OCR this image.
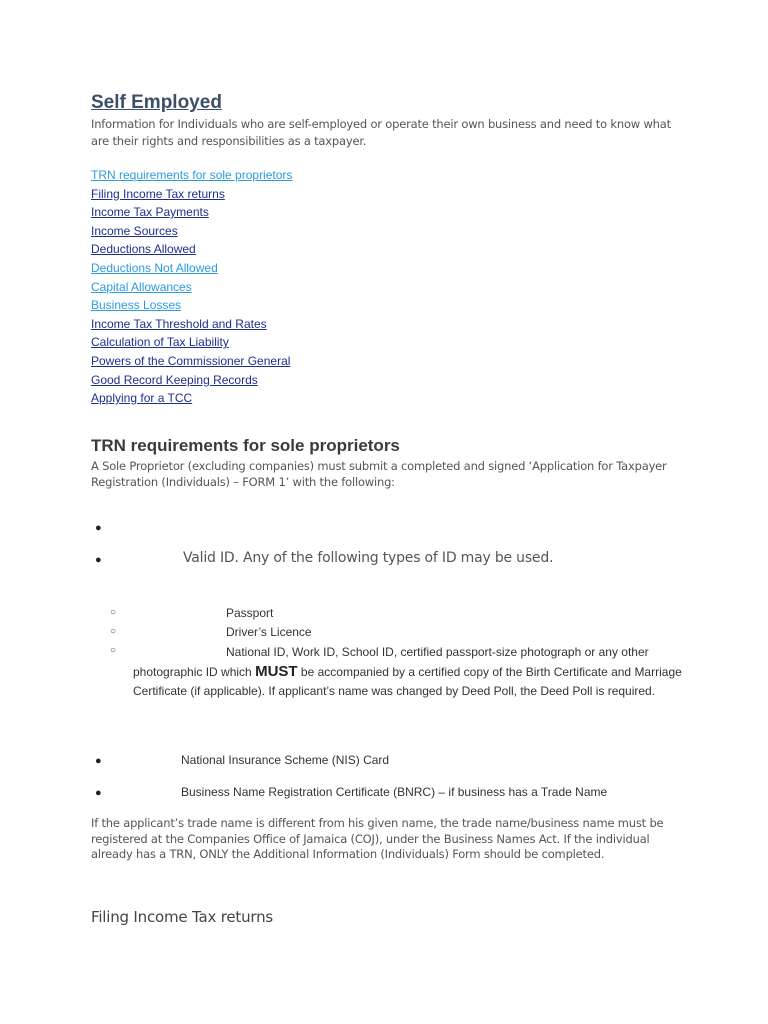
Self Employed
Information for Individuals who are self-employed or operate their own business and need to know what are their rights and responsibilities as a taxpayer.
TRN requirements for sole proprietors
Filing Income Tax returns
Income Tax Payments
Income Sources
Deductions Allowed
Deductions Not Allowed
Capital Allowances
Business Losses
Income Tax Threshold and Rates
Calculation of Tax Liability
Powers of the Commissioner General
Good Record Keeping Records
Applying for a TCC
TRN requirements for sole proprietors
A Sole Proprietor (excluding companies) must submit a completed and signed ‘Application for Taxpayer Registration (Individuals) – FORM 1’ with the following:
●
●	Valid ID. Any of the following types of ID may be used.
○	Passport
○	Driver’s Licence
○	National ID, Work ID, School ID, certified passport-size photograph or any other photographic ID which MUST be accompanied by a certified copy of the Birth Certificate and Marriage Certificate (if applicable). If applicant’s name was changed by Deed Poll, the Deed Poll is required.
●	National Insurance Scheme (NIS) Card
●	Business Name Registration Certificate (BNRC) – if business has a Trade Name
If the applicant’s trade name is different from his given name, the trade name/business name must be registered at the Companies Office of Jamaica (COJ), under the Business Names Act. If the individual already has a TRN, ONLY the Additional Information (Individuals) Form should be completed.
Filing Income Tax returns
